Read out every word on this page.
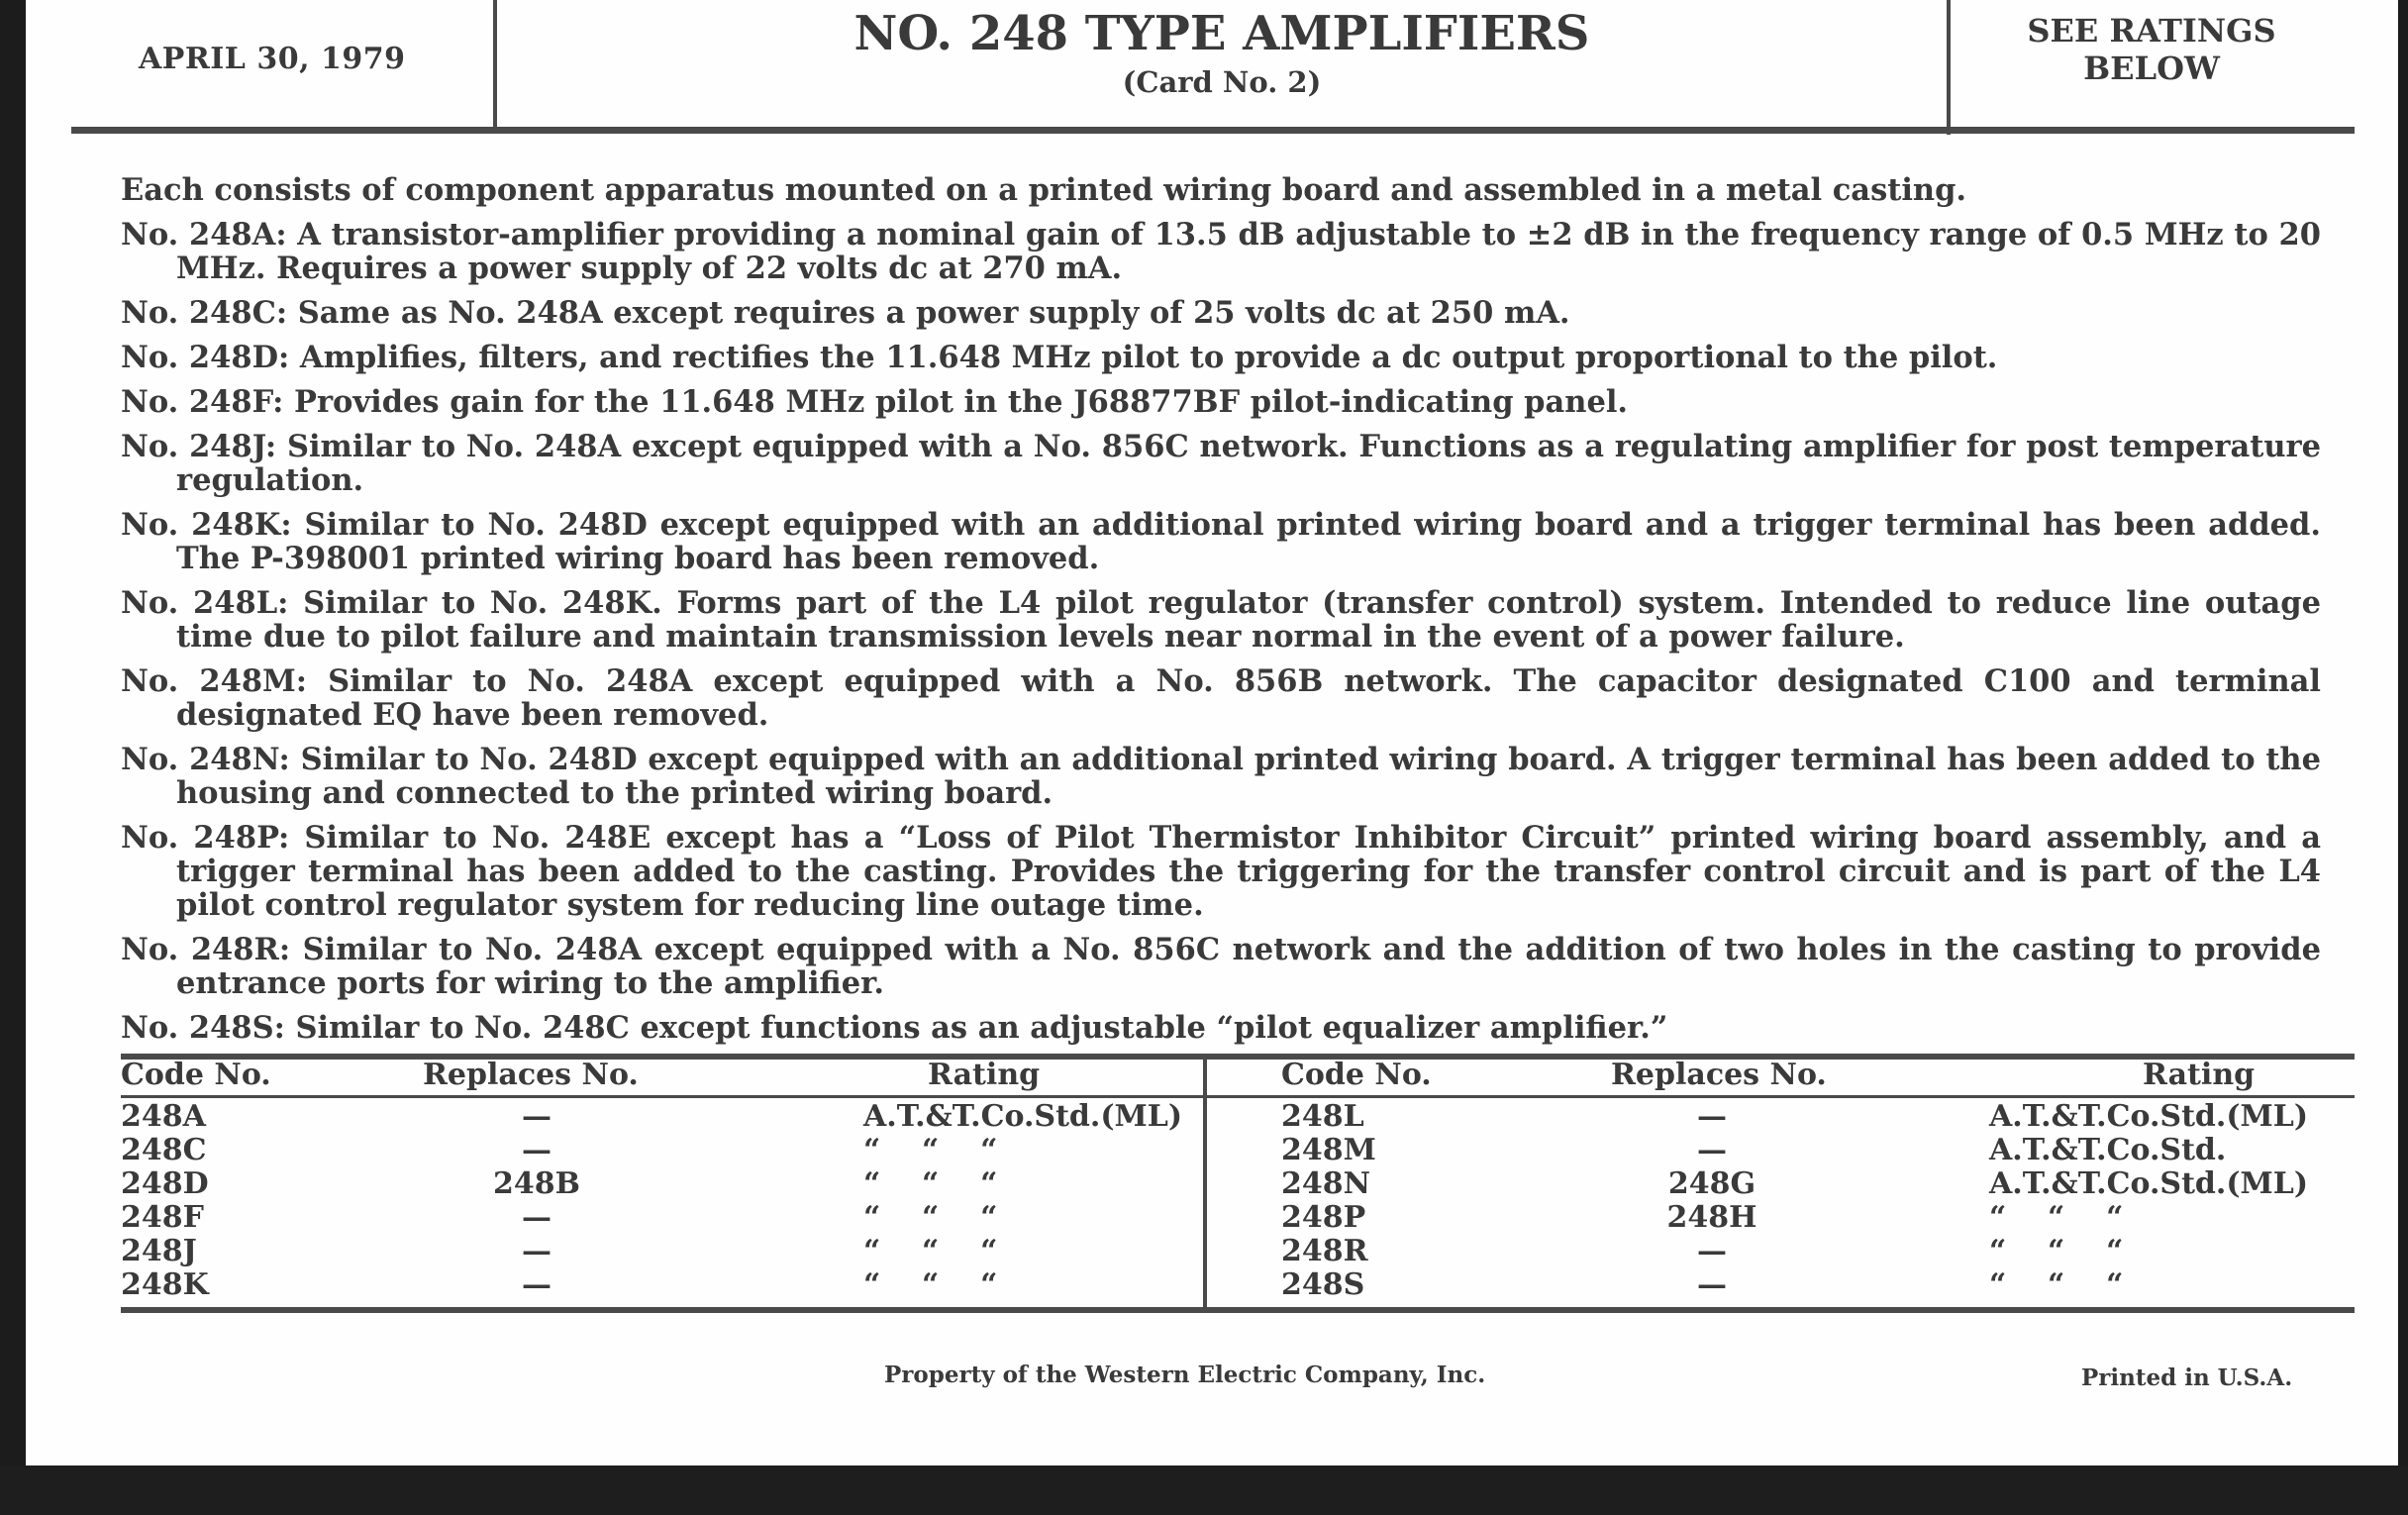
APRIL 30, 1979	NO. 248 TYPE AMPLIFIERS
(Card No. 2)
SEE RATINGS
BELOW

Each consists of component apparatus mounted on a printed wiring board and assembled in a metal casting.

No. 248A: A transistor-amplifier providing a nominal gain of 13.5 dB adjustable to ±2 dB in the frequency range of 0.5 MHz to 20 MHz. Requires a power supply of 22 volts dc at 270 mA.

No. 248C: Same as No. 248A except requires a power supply of 25 volts dc at 250 mA.

No. 248D: Amplifies, filters, and rectifies the 11.648 MHz pilot to provide a dc output proportional to the pilot.

No. 248F: Provides gain for the 11.648 MHz pilot in the J68877BF pilot-indicating panel.

No. 248J: Similar to No. 248A except equipped with a No. 856C network. Functions as a regulating amplifier for post temperature regulation.

No. 248K: Similar to No. 248D except equipped with an additional printed wiring board and a trigger terminal has been added. The P-398001 printed wiring board has been removed.

No. 248L: Similar to No. 248K. Forms part of the L4 pilot regulator (transfer control) system. Intended to reduce line outage time due to pilot failure and maintain transmission levels near normal in the event of a power failure.

No. 248M: Similar to No. 248A except equipped with a No. 856B network. The capacitor designated C100 and terminal designated EQ have been removed.

No. 248N: Similar to No. 248D except equipped with an additional printed wiring board. A trigger terminal has been added to the housing and connected to the printed wiring board.

No. 248P: Similar to No. 248E except has a “Loss of Pilot Thermistor Inhibitor Circuit” printed wiring board assembly, and a trigger terminal has been added to the casting. Provides the triggering for the transfer control circuit and is part of the L4 pilot control regulator system for reducing line outage time.

No. 248R: Similar to No. 248A except equipped with a No. 856C network and the addition of two holes in the casting to provide entrance ports for wiring to the amplifier.

No. 248S: Similar to No. 248C except functions as an adjustable “pilot equalizer amplifier.”

Code No.	Replaces No.	Rating
248A	—	A.T.&T.Co.Std.(ML)
248C	—	“    “    “
248D	248B	“    “    “
248F	—	“    “    “
248J	—	“    “    “
248K	—	“    “    “
Code No.	Replaces No.	Rating
248L	—	A.T.&T.Co.Std.(ML)
248M	—	A.T.&T.Co.Std.
248N	248G	A.T.&T.Co.Std.(ML)
248P	248H	“    “    “
248R	—	“    “    “
248S	—	“    “    “
Property of the Western Electric Company, Inc.	Printed in U.S.A.
